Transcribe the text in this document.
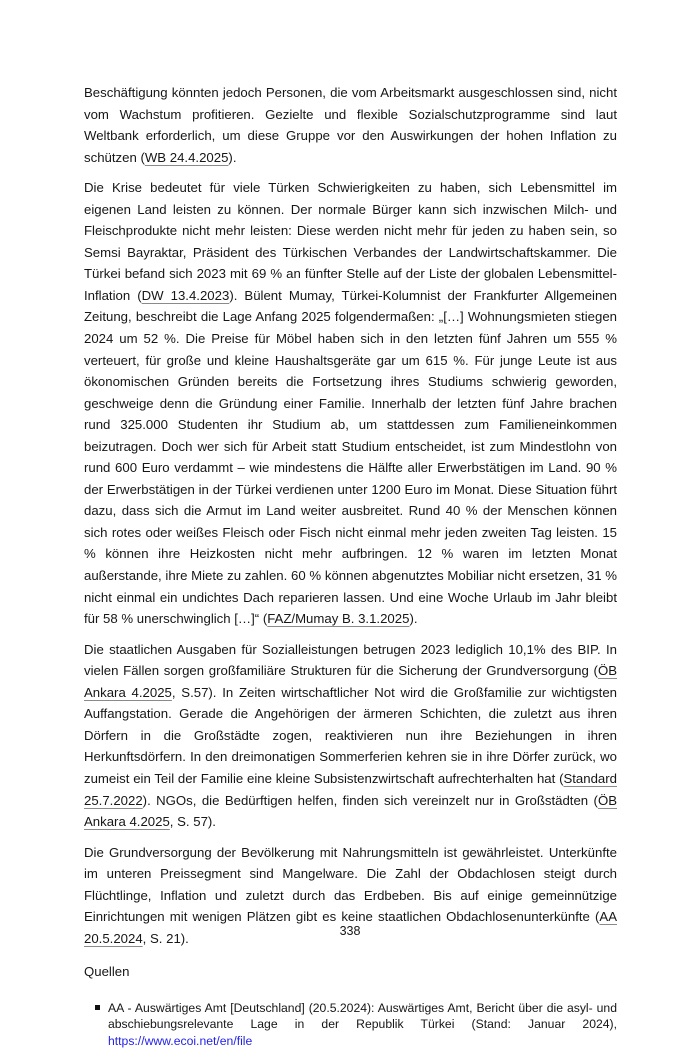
Beschäftigung könnten jedoch Personen, die vom Arbeitsmarkt ausgeschlossen sind, nicht vom Wachstum profitieren. Gezielte und flexible Sozialschutzprogramme sind laut Weltbank erforderlich, um diese Gruppe vor den Auswirkungen der hohen Inflation zu schützen (WB 24.4.2025).

Die Krise bedeutet für viele Türken Schwierigkeiten zu haben, sich Lebensmittel im eigenen Land leisten zu können. Der normale Bürger kann sich inzwischen Milch- und Fleischprodukte nicht mehr leisten: Diese werden nicht mehr für jeden zu haben sein, so Semsi Bayraktar, Präsident des Türkischen Verbandes der Landwirtschaftskammer. Die Türkei befand sich 2023 mit 69 % an fünfter Stelle auf der Liste der globalen Lebensmittel-Inflation (DW 13.4.2023). Bülent Mumay, Türkei-Kolumnist der Frankfurter Allgemeinen Zeitung, beschreibt die Lage Anfang 2025 folgendermaßen: „[…] Wohnungsmieten stiegen 2024 um 52 %. Die Preise für Möbel haben sich in den letzten fünf Jahren um 555 % verteuert, für große und kleine Haushaltsgeräte gar um 615 %. Für junge Leute ist aus ökonomischen Gründen bereits die Fortsetzung ihres Studiums schwierig geworden, geschweige denn die Gründung einer Familie. Innerhalb der letzten fünf Jahre brachen rund 325.000 Studenten ihr Studium ab, um stattdessen zum Familieneinkommen beizutragen. Doch wer sich für Arbeit statt Studium entscheidet, ist zum Mindestlohn von rund 600 Euro verdammt – wie mindestens die Hälfte aller Erwerbstätigen im Land. 90 % der Erwerbstätigen in der Türkei verdienen unter 1200 Euro im Monat. Diese Situation führt dazu, dass sich die Armut im Land weiter ausbreitet. Rund 40 % der Menschen können sich rotes oder weißes Fleisch oder Fisch nicht einmal mehr jeden zweiten Tag leisten. 15 % können ihre Heizkosten nicht mehr aufbringen. 12 % waren im letzten Monat außerstande, ihre Miete zu zahlen. 60 % können abgenutztes Mobiliar nicht ersetzen, 31 % nicht einmal ein undichtes Dach reparieren lassen. Und eine Woche Urlaub im Jahr bleibt für 58 % unerschwinglich […]“ (FAZ/Mumay B. 3.1.2025).

Die staatlichen Ausgaben für Sozialleistungen betrugen 2023 lediglich 10,1% des BIP. In vielen Fällen sorgen großfamiliäre Strukturen für die Sicherung der Grundversorgung (ÖB Ankara 4.2025, S.57). In Zeiten wirtschaftlicher Not wird die Großfamilie zur wichtigsten Auffangstation. Gerade die Angehörigen der ärmeren Schichten, die zuletzt aus ihren Dörfern in die Großstädte zogen, reaktivieren nun ihre Beziehungen in ihren Herkunftsdörfern. In den dreimonatigen Sommerferien kehren sie in ihre Dörfer zurück, wo zumeist ein Teil der Familie eine kleine Subsistenzwirtschaft aufrechterhalten hat (Standard 25.7.2022). NGOs, die Bedürftigen helfen, finden sich vereinzelt nur in Großstädten (ÖB Ankara 4.2025, S. 57).

Die Grundversorgung der Bevölkerung mit Nahrungsmitteln ist gewährleistet. Unterkünfte im unteren Preissegment sind Mangelware. Die Zahl der Obdachlosen steigt durch Flüchtlinge, Inflation und zuletzt durch das Erdbeben. Bis auf einige gemeinnützige Einrichtungen mit wenigen Plätzen gibt es keine staatlichen Obdachlosenunterkünfte (AA 20.5.2024, S. 21).

Quellen

AA - Auswärtiges Amt [Deutschland] (20.5.2024): Auswärtiges Amt, Bericht über die asyl- und abschiebungsrelevante Lage in der Republik Türkei (Stand: Januar 2024), https://www.ecoi.net/en/file
338
